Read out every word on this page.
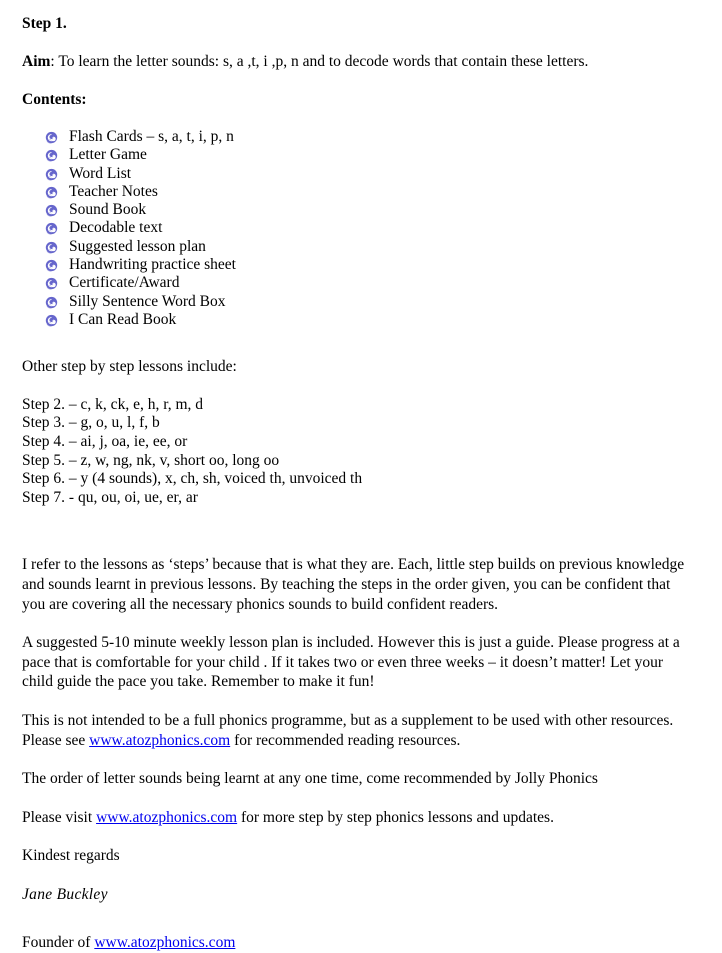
Step 1.

Aim: To learn the letter sounds: s, a ,t, i ,p, n and to decode words that contain these letters.

Contents:

Flash Cards – s, a, t, i, p, n
Letter Game
Word List
Teacher Notes
Sound Book
Decodable text
Suggested lesson plan
Handwriting practice sheet
Certificate/Award
Silly Sentence Word Box
I Can Read Book

Other step by step lessons include:

Step 2. – c, k, ck, e, h, r, m, d

Step 3. – g, o, u, l, f, b

Step 4. – ai, j, oa, ie, ee, or

Step 5. – z, w, ng, nk, v, short oo, long oo

Step 6. – y (4 sounds), x, ch, sh, voiced th, unvoiced th

Step 7. - qu, ou, oi, ue, er, ar

I refer to the lessons as ‘steps’ because that is what they are. Each, little step builds on previous knowledge and sounds learnt in previous lessons. By teaching the steps in the order given, you can be confident that you are covering all the necessary phonics sounds to build confident readers.

A suggested 5-10 minute weekly lesson plan is included. However this is just a guide. Please progress at a pace that is comfortable for your child . If it takes two or even three weeks – it doesn’t matter! Let your child guide the pace you take. Remember to make it fun!

This is not intended to be a full phonics programme, but as a supplement to be used with other resources. Please see www.atozphonics.com for recommended reading resources.

The order of letter sounds being learnt at any one time, come recommended by Jolly Phonics

Please visit www.atozphonics.com for more step by step phonics lessons and updates.

Kindest regards

Jane Buckley

Founder of www.atozphonics.com
